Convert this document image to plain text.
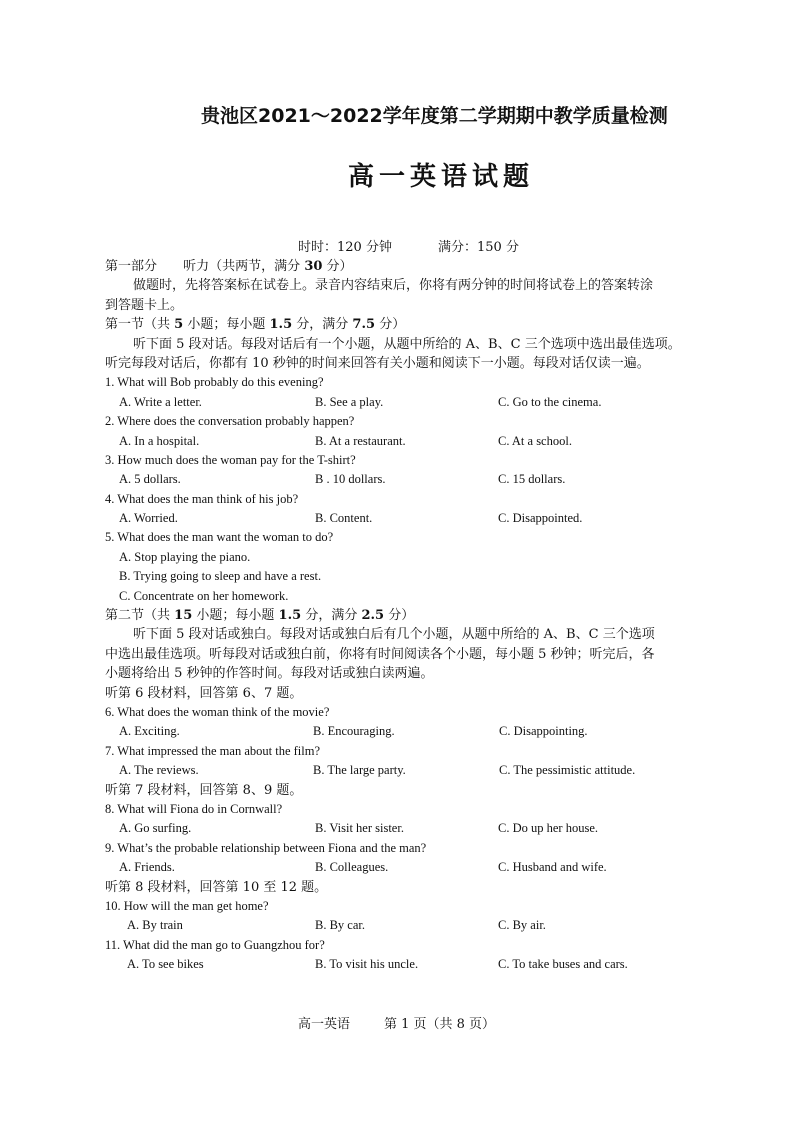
贵池区2021～2022学年度第二学期期中教学质量检测
高一英语试题
时时：120 分钟	满分：150 分
第一部分 听力（共两节，满分 30 分）
做题时，先将答案标在试卷上。录音内容结束后，你将有两分钟的时间将试卷上的答案转涂
到答题卡上。
第一节（共 5 小题；每小题 1.5 分，满分 7.5 分）
听下面 5 段对话。每段对话后有一个小题，从题中所给的 A、B、C 三个选项中选出最佳选项。
听完每段对话后，你都有 10 秒钟的时间来回答有关小题和阅读下一小题。每段对话仅读一遍。
1. What will Bob probably do this evening?
A. Write a letter.	B. See a play.	C. Go to the cinema.
2. Where does the conversation probably happen?
A. In a hospital.	B. At a restaurant.	C. At a school.
3. How much does the woman pay for the T-shirt?
A. 5 dollars.	B . 10 dollars.	C. 15 dollars.
4. What does the man think of his job?
A. Worried.	B. Content.	C. Disappointed.
5. What does the man want the woman to do?
A. Stop playing the piano.
B. Trying going to sleep and have a rest.
C. Concentrate on her homework.
第二节（共 15 小题；每小题 1.5 分，满分 2.5 分）
听下面 5 段对话或独白。每段对话或独白后有几个小题，从题中所给的 A、B、C 三个选项
中选出最佳选项。听每段对话或独白前，你将有时间阅读各个小题，每小题 5 秒钟；听完后，各
小题将给出 5 秒钟的作答时间。每段对话或独白读两遍。
听第 6 段材料，回答第 6、7 题。
6. What does the woman think of the movie?
A. Exciting.	B. Encouraging.	C. Disappointing.
7. What impressed the man about the film?
A. The reviews.	B. The large party.	C. The pessimistic attitude.
听第 7 段材料，回答第 8、9 题。
8. What will Fiona do in Cornwall?
A. Go surfing.	B. Visit her sister.	C. Do up her house.
9. What’s the probable relationship between Fiona and the man?
A. Friends.	B. Colleagues.	C. Husband and wife.
听第 8 段材料，回答第 10 至 12 题。
10. How will the man get home?
A. By train	B. By car.	C. By air.
11. What did the man go to Guangzhou for?
A. To see bikes	B. To visit his uncle.	C. To take buses and cars.
高一英语	第 1 页（共 8 页）
